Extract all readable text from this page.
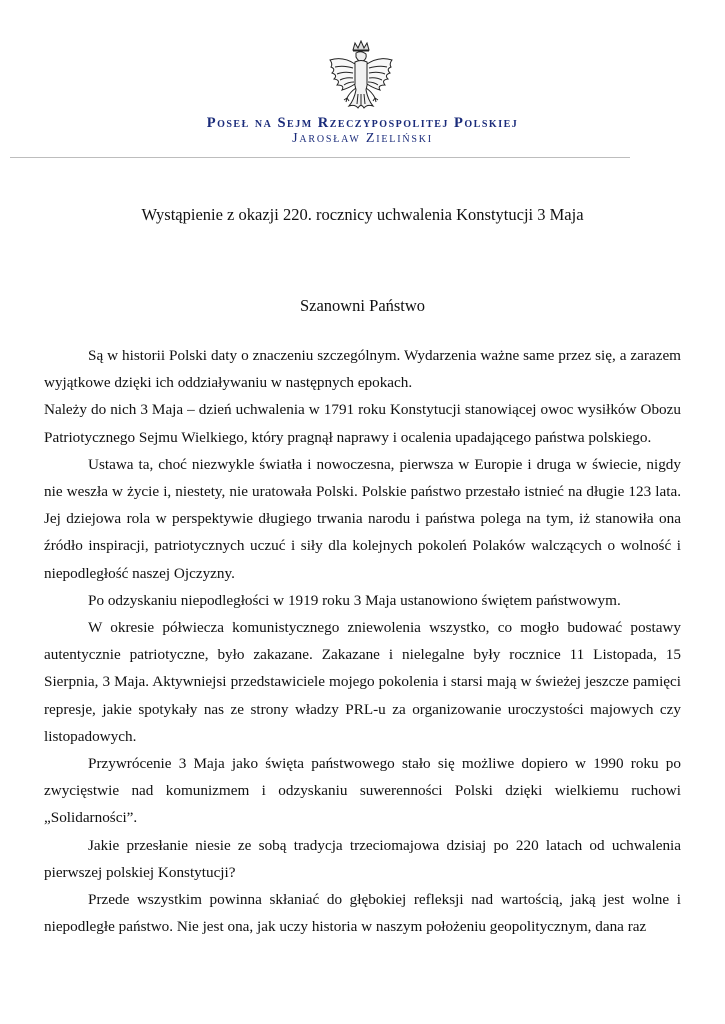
Poseł na Sejm Rzeczypospolitej Polskiej
Jarosław Zieliński
Wystąpienie z okazji 220. rocznicy uchwalenia Konstytucji 3 Maja
Szanowni Państwo

Są w historii Polski daty o znaczeniu szczególnym. Wydarzenia ważne same przez się, a zarazem wyjątkowe dzięki ich oddziaływaniu w następnych epokach.

Należy do nich 3 Maja – dzień uchwalenia w 1791 roku Konstytucji stanowiącej owoc wysiłków Obozu Patriotycznego Sejmu Wielkiego, który pragnął naprawy i ocalenia upadającego państwa polskiego.

Ustawa ta, choć niezwykle światła i nowoczesna, pierwsza w Europie i druga w świecie, nigdy nie weszła w życie i, niestety, nie uratowała Polski. Polskie państwo przestało istnieć na długie 123 lata. Jej dziejowa rola w perspektywie długiego trwania narodu i państwa polega na tym, iż stanowiła ona źródło inspiracji, patriotycznych uczuć i siły dla kolejnych pokoleń Polaków walczących o wolność i niepodległość naszej Ojczyzny.

Po odzyskaniu niepodległości w 1919 roku 3 Maja ustanowiono świętem państwowym.

W okresie półwiecza komunistycznego zniewolenia wszystko, co mogło budować postawy autentycznie patriotyczne, było zakazane. Zakazane i nielegalne były rocznice 11 Listopada, 15 Sierpnia, 3 Maja. Aktywniejsi przedstawiciele mojego pokolenia i starsi mają w świeżej jeszcze pamięci represje, jakie spotykały nas ze strony władzy PRL-u za organizowanie uroczystości majowych czy listopadowych.

Przywrócenie 3 Maja jako święta państwowego stało się możliwe dopiero w 1990 roku po zwycięstwie nad komunizmem i odzyskaniu suwerenności Polski dzięki wielkiemu ruchowi „Solidarności”.

Jakie przesłanie niesie ze sobą tradycja trzeciomajowa dzisiaj po 220 latach od uchwalenia pierwszej polskiej Konstytucji?

Przede wszystkim powinna skłaniać do głębokiej refleksji nad wartością, jaką jest wolne i niepodległe państwo. Nie jest ona, jak uczy historia w naszym położeniu geopolitycznym, dana raz
